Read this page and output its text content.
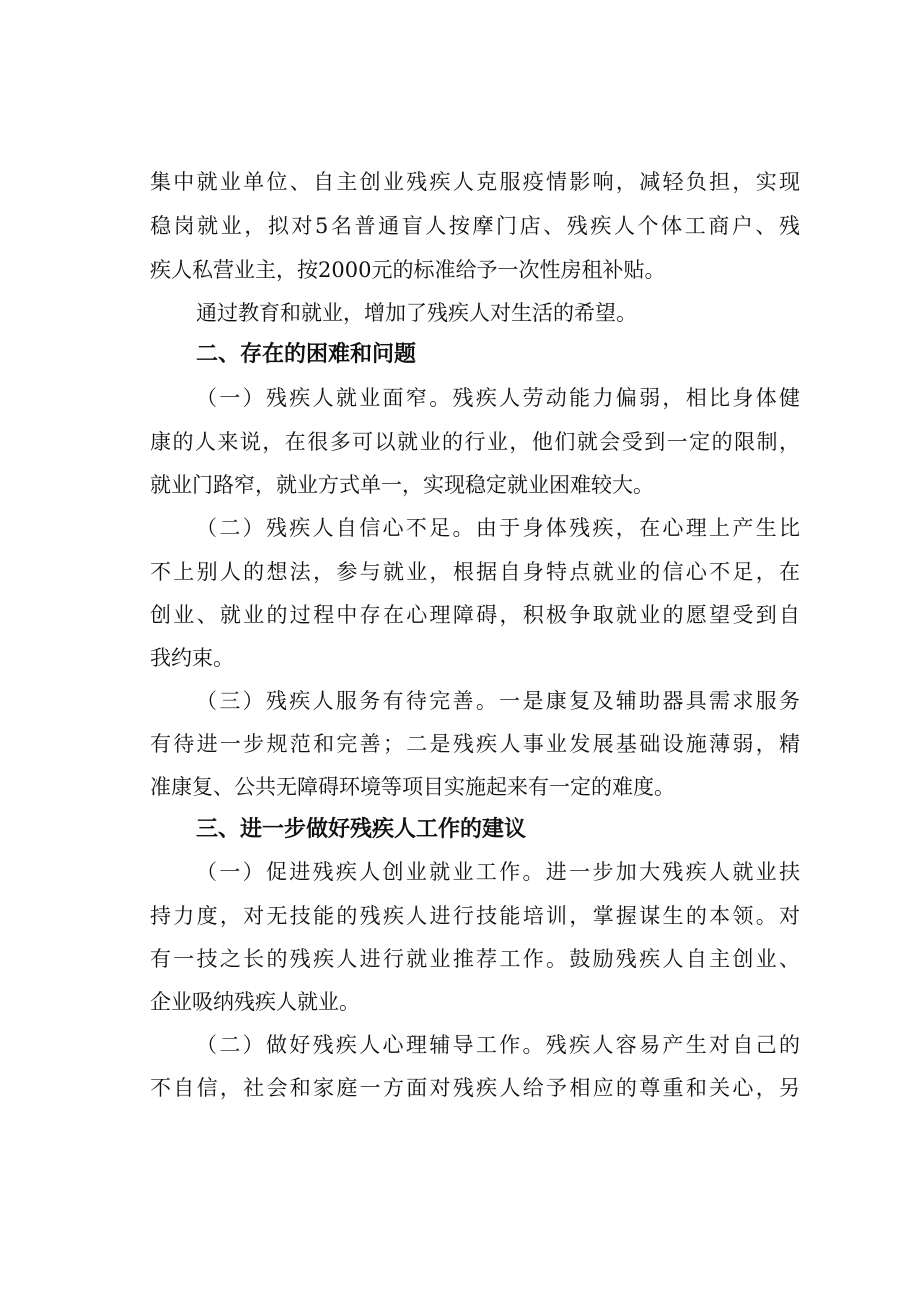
集中就业单位、自主创业残疾人克服疫情影响，减轻负担，实现
稳岗就业，拟对5名普通盲人按摩门店、残疾人个体工商户、残
疾人私营业主，按2000元的标准给予一次性房租补贴。
通过教育和就业，增加了残疾人对生活的希望。
二、存在的困难和问题
（一）残疾人就业面窄。残疾人劳动能力偏弱，相比身体健
康的人来说，在很多可以就业的行业，他们就会受到一定的限制，
就业门路窄，就业方式单一，实现稳定就业困难较大。
（二）残疾人自信心不足。由于身体残疾，在心理上产生比
不上别人的想法，参与就业，根据自身特点就业的信心不足，在
创业、就业的过程中存在心理障碍，积极争取就业的愿望受到自
我约束。
（三）残疾人服务有待完善。一是康复及辅助器具需求服务
有待进一步规范和完善；二是残疾人事业发展基础设施薄弱，精
准康复、公共无障碍环境等项目实施起来有一定的难度。
三、进一步做好残疾人工作的建议
（一）促进残疾人创业就业工作。进一步加大残疾人就业扶
持力度，对无技能的残疾人进行技能培训，掌握谋生的本领。对
有一技之长的残疾人进行就业推荐工作。鼓励残疾人自主创业、
企业吸纳残疾人就业。
（二）做好残疾人心理辅导工作。残疾人容易产生对自己的
不自信，社会和家庭一方面对残疾人给予相应的尊重和关心，另
